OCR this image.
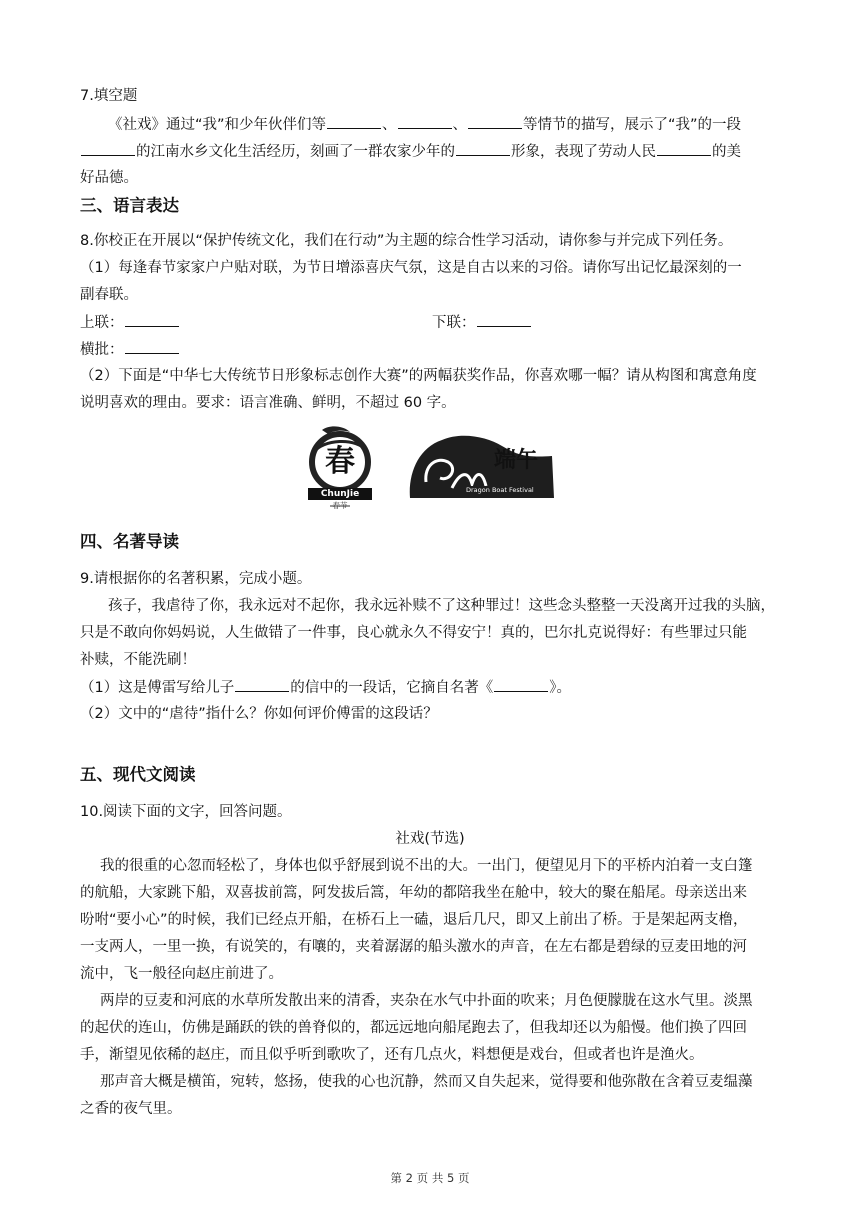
7.填空题
《社戏》通过“我”和少年伙伴们等	、	、	等情节的描写，展示了“我”的一段
的江南水乡文化生活经历，刻画了一群农家少年的	形象，表现了劳动人民	的美
好品德。
三、语言表达
8.你校正在开展以“保护传统文化，我们在行动”为主题的综合性学习活动，请你参与并完成下列任务。
（1）每逢春节家家户户贴对联，为节日增添喜庆气氛，这是自古以来的习俗。请你写出记忆最深刻的一
副春联。
上联：	下联：
横批：
（2）下面是“中华七大传统节日形象标志创作大赛”的两幅获奖作品，你喜欢哪一幅？请从构图和寓意角度
说明喜欢的理由。要求：语言准确、鲜明，不超过 60 字。
春
ChunJie
春节
端午
Dragon Boat Festival
四、名著导读
9.请根据你的名著积累，完成小题。
孩子，我虐待了你，我永远对不起你，我永远补赎不了这种罪过！这些念头整整一天没离开过我的头脑，
只是不敢向你妈妈说，人生做错了一件事，良心就永久不得安宁！真的，巴尔扎克说得好：有些罪过只能
补赎，不能洗刷！
（1）这是傅雷写给儿子	的信中的一段话，它摘自名著《	》。
（2）文中的“虐待”指什么？你如何评价傅雷的这段话？
五、现代文阅读
10.阅读下面的文字，回答问题。
社戏(节选)
我的很重的心忽而轻松了，身体也似乎舒展到说不出的大。一出门，便望见月下的平桥内泊着一支白篷
的航船，大家跳下船，双喜拔前篙，阿发拔后篙，年幼的都陪我坐在舱中，较大的聚在船尾。母亲送出来
吩咐“要小心”的时候，我们已经点开船，在桥石上一磕，退后几尺，即又上前出了桥。于是架起两支橹，
一支两人，一里一换，有说笑的，有嚷的，夹着潺潺的船头激水的声音，在左右都是碧绿的豆麦田地的河
流中，飞一般径向赵庄前进了。
两岸的豆麦和河底的水草所发散出来的清香，夹杂在水气中扑面的吹来；月色便朦胧在这水气里。淡黑
的起伏的连山，仿佛是踊跃的铁的兽脊似的，都远远地向船尾跑去了，但我却还以为船慢。他们换了四回
手，渐望见依稀的赵庄，而且似乎听到歌吹了，还有几点火，料想便是戏台，但或者也许是渔火。
那声音大概是横笛，宛转，悠扬，使我的心也沉静，然而又自失起来，觉得要和他弥散在含着豆麦缊藻
之香的夜气里。
第 2 页 共 5 页
